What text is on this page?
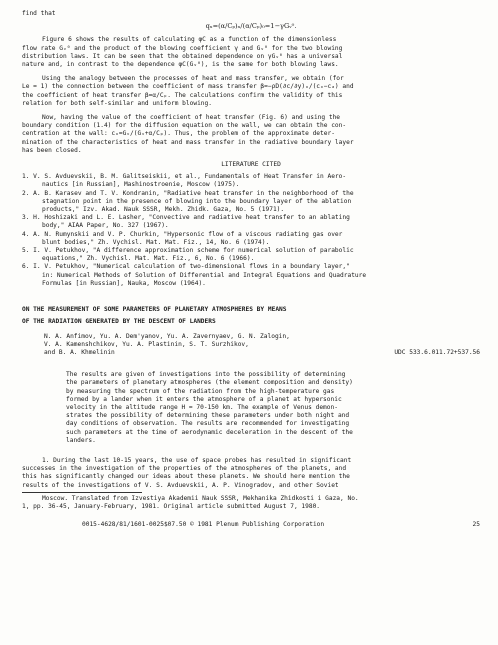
find that
qₓ=(α/Cₚ)ₓ/(α/Cₚ)₀=1−γGᵥ⁰.
Figure 6 shows the results of calculating φC as a function of the dimensionless
flow rate Gᵥ⁰ and the product of the blowing coefficient γ and Gᵥ⁰ for the two blowing
distribution laws. It can be seen that the obtained dependence on γGᵥ⁰ has a universal
nature and, in contrast to the dependence φC(Gᵥ⁰), is the same for both blowing laws.
Using the analogy between the processes of heat and mass transfer, we obtain (for
Le = 1) the connection between the coefficient of mass transfer β=−ρD(∂c/∂y)ₓ/(cₓ−cₐ) and
the coefficient of heat transfer β=α/Cₚ. The calculations confirm the validity of this
relation for both self-similar and uniform blowing.
Now, having the value of the coefficient of heat transfer (Fig. 6) and using the
boundary condition (1.4) for the diffusion equation on the wall, we can obtain the con-
centration at the wall: cₓ=Gᵥ/(Gᵥ+α/Cₚ). Thus, the problem of the approximate deter-
mination of the characteristics of heat and mass transfer in the radiative boundary layer
has been closed.
LITERATURE CITED
1. V. S. Avduevskii, B. M. Galitseiskii, et al., Fundamentals of Heat Transfer in Aero-
nautics [in Russian], Mashinostroenie, Moscow (1975).
2. A. B. Karasev and T. V. Kondranin, "Radiative heat transfer in the neighborhood of the
stagnation point in the presence of blowing into the boundary layer of the ablation
products," Izv. Akad. Nauk SSSR, Mekh. Zhidk. Gaza, No. 5 (1971).
3. H. Hoshizaki and L. E. Lasher, "Convective and radiative heat transfer to an ablating
body," AIAA Paper, No. 327 (1967).
4. A. N. Rumynskii and V. P. Churkin, "Hypersonic flow of a viscous radiating gas over
blunt bodies," Zh. Vychisl. Mat. Mat. Fiz., 14, No. 6 (1974).
5. I. V. Petukhov, "A difference approximation scheme for numerical solution of parabolic
equations," Zh. Vychisl. Mat. Mat. Fiz., 6, No. 6 (1966).
6. I. V. Petukhov, "Numerical calculation of two-dimensional flows in a boundary layer,"
in: Numerical Methods of Solution of Differential and Integral Equations and Quadrature
Formulas [in Russian], Nauka, Moscow (1964).
ON THE MEASUREMENT OF SOME PARAMETERS OF PLANETARY ATMOSPHERES BY MEANS
OF THE RADIATION GENERATED BY THE DESCENT OF LANDERS
N. A. Anfimov, Yu. A. Dem'yanov, Yu. A. Zavernyaev, G. N. Zalogin,
V. A. Kamenshchikov, Yu. A. Plastinin, S. T. Surzhikov,
and B. A. Khmelinin	UDC 533.6.011.72+537.56
The results are given of investigations into the possibility of determining
the parameters of planetary atmospheres (the element composition and density)
by measuring the spectrum of the radiation from the high-temperature gas
formed by a lander when it enters the atmosphere of a planet at hypersonic
velocity in the altitude range H = 70-150 km. The example of Venus demon-
strates the possibility of determining these parameters under both night and
day conditions of observation. The results are recommended for investigating
such parameters at the time of aerodynamic deceleration in the descent of the
landers.
1. During the last 10-15 years, the use of space probes has resulted in significant
successes in the investigation of the properties of the atmospheres of the planets, and
this has significantly changed our ideas about these planets. We should here mention the
results of the investigations of V. S. Avduevskii, A. P. Vinogradov, and other Soviet
Moscow. Translated from Izvestiya Akademii Nauk SSSR, Mekhanika Zhidkosti i Gaza, No.
1, pp. 36-45, January-February, 1981. Original article submitted August 7, 1980.
0015-4628/81/1601-0025$07.50 © 1981 Plenum Publishing Corporation	25
